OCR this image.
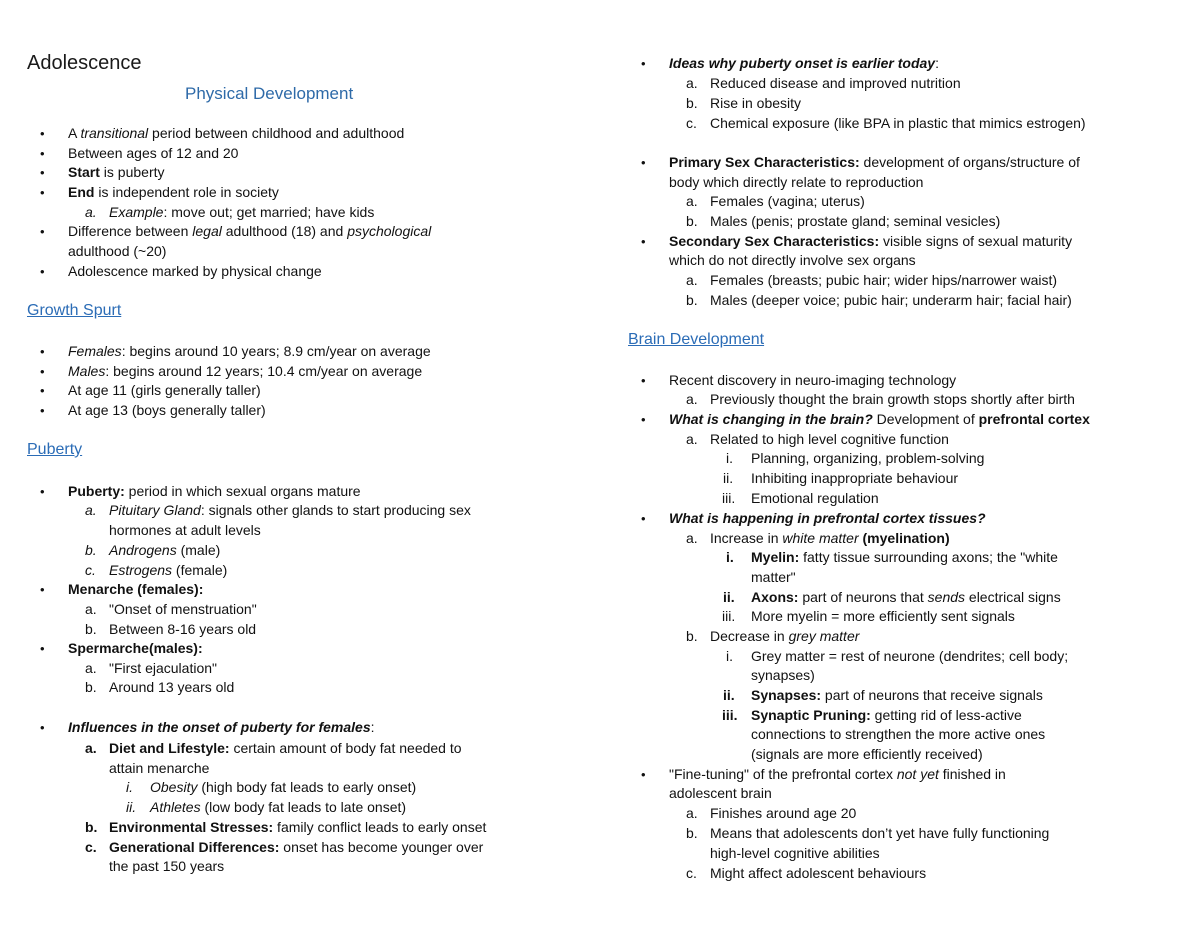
Adolescence
Physical Development
• A transitional period between childhood and adulthood
• Between ages of 12 and 20
• Start is puberty
• End is independent role in society
a. Example: move out; get married; have kids
• Difference between legal adulthood (18) and psychological
adulthood (~20)
• Adolescence marked by physical change
Growth Spurt
• Females: begins around 10 years; 8.9 cm/year on average
• Males: begins around 12 years; 10.4 cm/year on average
• At age 11 (girls generally taller)
• At age 13 (boys generally taller)
Puberty
• Puberty: period in which sexual organs mature
a. Pituitary Gland: signals other glands to start producing sex
hormones at adult levels
b. Androgens (male)
c. Estrogens (female)
• Menarche (females):
a. "Onset of menstruation"
b. Between 8-16 years old
• Spermarche(males):
a. "First ejaculation"
b. Around 13 years old
• Influences in the onset of puberty for females:
a. Diet and Lifestyle: certain amount of body fat needed to
attain menarche
i. Obesity (high body fat leads to early onset)
ii. Athletes (low body fat leads to late onset)
b. Environmental Stresses: family conflict leads to early onset
c. Generational Differences: onset has become younger over
the past 150 years
• Ideas why puberty onset is earlier today:
a. Reduced disease and improved nutrition
b. Rise in obesity
c. Chemical exposure (like BPA in plastic that mimics estrogen)
• Primary Sex Characteristics: development of organs/structure of
body which directly relate to reproduction
a. Females (vagina; uterus)
b. Males (penis; prostate gland; seminal vesicles)
• Secondary Sex Characteristics: visible signs of sexual maturity
which do not directly involve sex organs
a. Females (breasts; pubic hair; wider hips/narrower waist)
b. Males (deeper voice; pubic hair; underarm hair; facial hair)
Brain Development
• Recent discovery in neuro-imaging technology
a. Previously thought the brain growth stops shortly after birth
• What is changing in the brain? Development of prefrontal cortex
a. Related to high level cognitive function
i. Planning, organizing, problem-solving
ii. Inhibiting inappropriate behaviour
iii. Emotional regulation
• What is happening in prefrontal cortex tissues?
a. Increase in white matter (myelination)
i. Myelin: fatty tissue surrounding axons; the "white
matter"
ii. Axons: part of neurons that sends electrical signs
iii. More myelin = more efficiently sent signals
b. Decrease in grey matter
i. Grey matter = rest of neurone (dendrites; cell body;
synapses)
ii. Synapses: part of neurons that receive signals
iii. Synaptic Pruning: getting rid of less-active
connections to strengthen the more active ones
(signals are more efficiently received)
• "Fine-tuning" of the prefrontal cortex not yet finished in
adolescent brain
a. Finishes around age 20
b. Means that adolescents don’t yet have fully functioning
high-level cognitive abilities
c. Might affect adolescent behaviours
